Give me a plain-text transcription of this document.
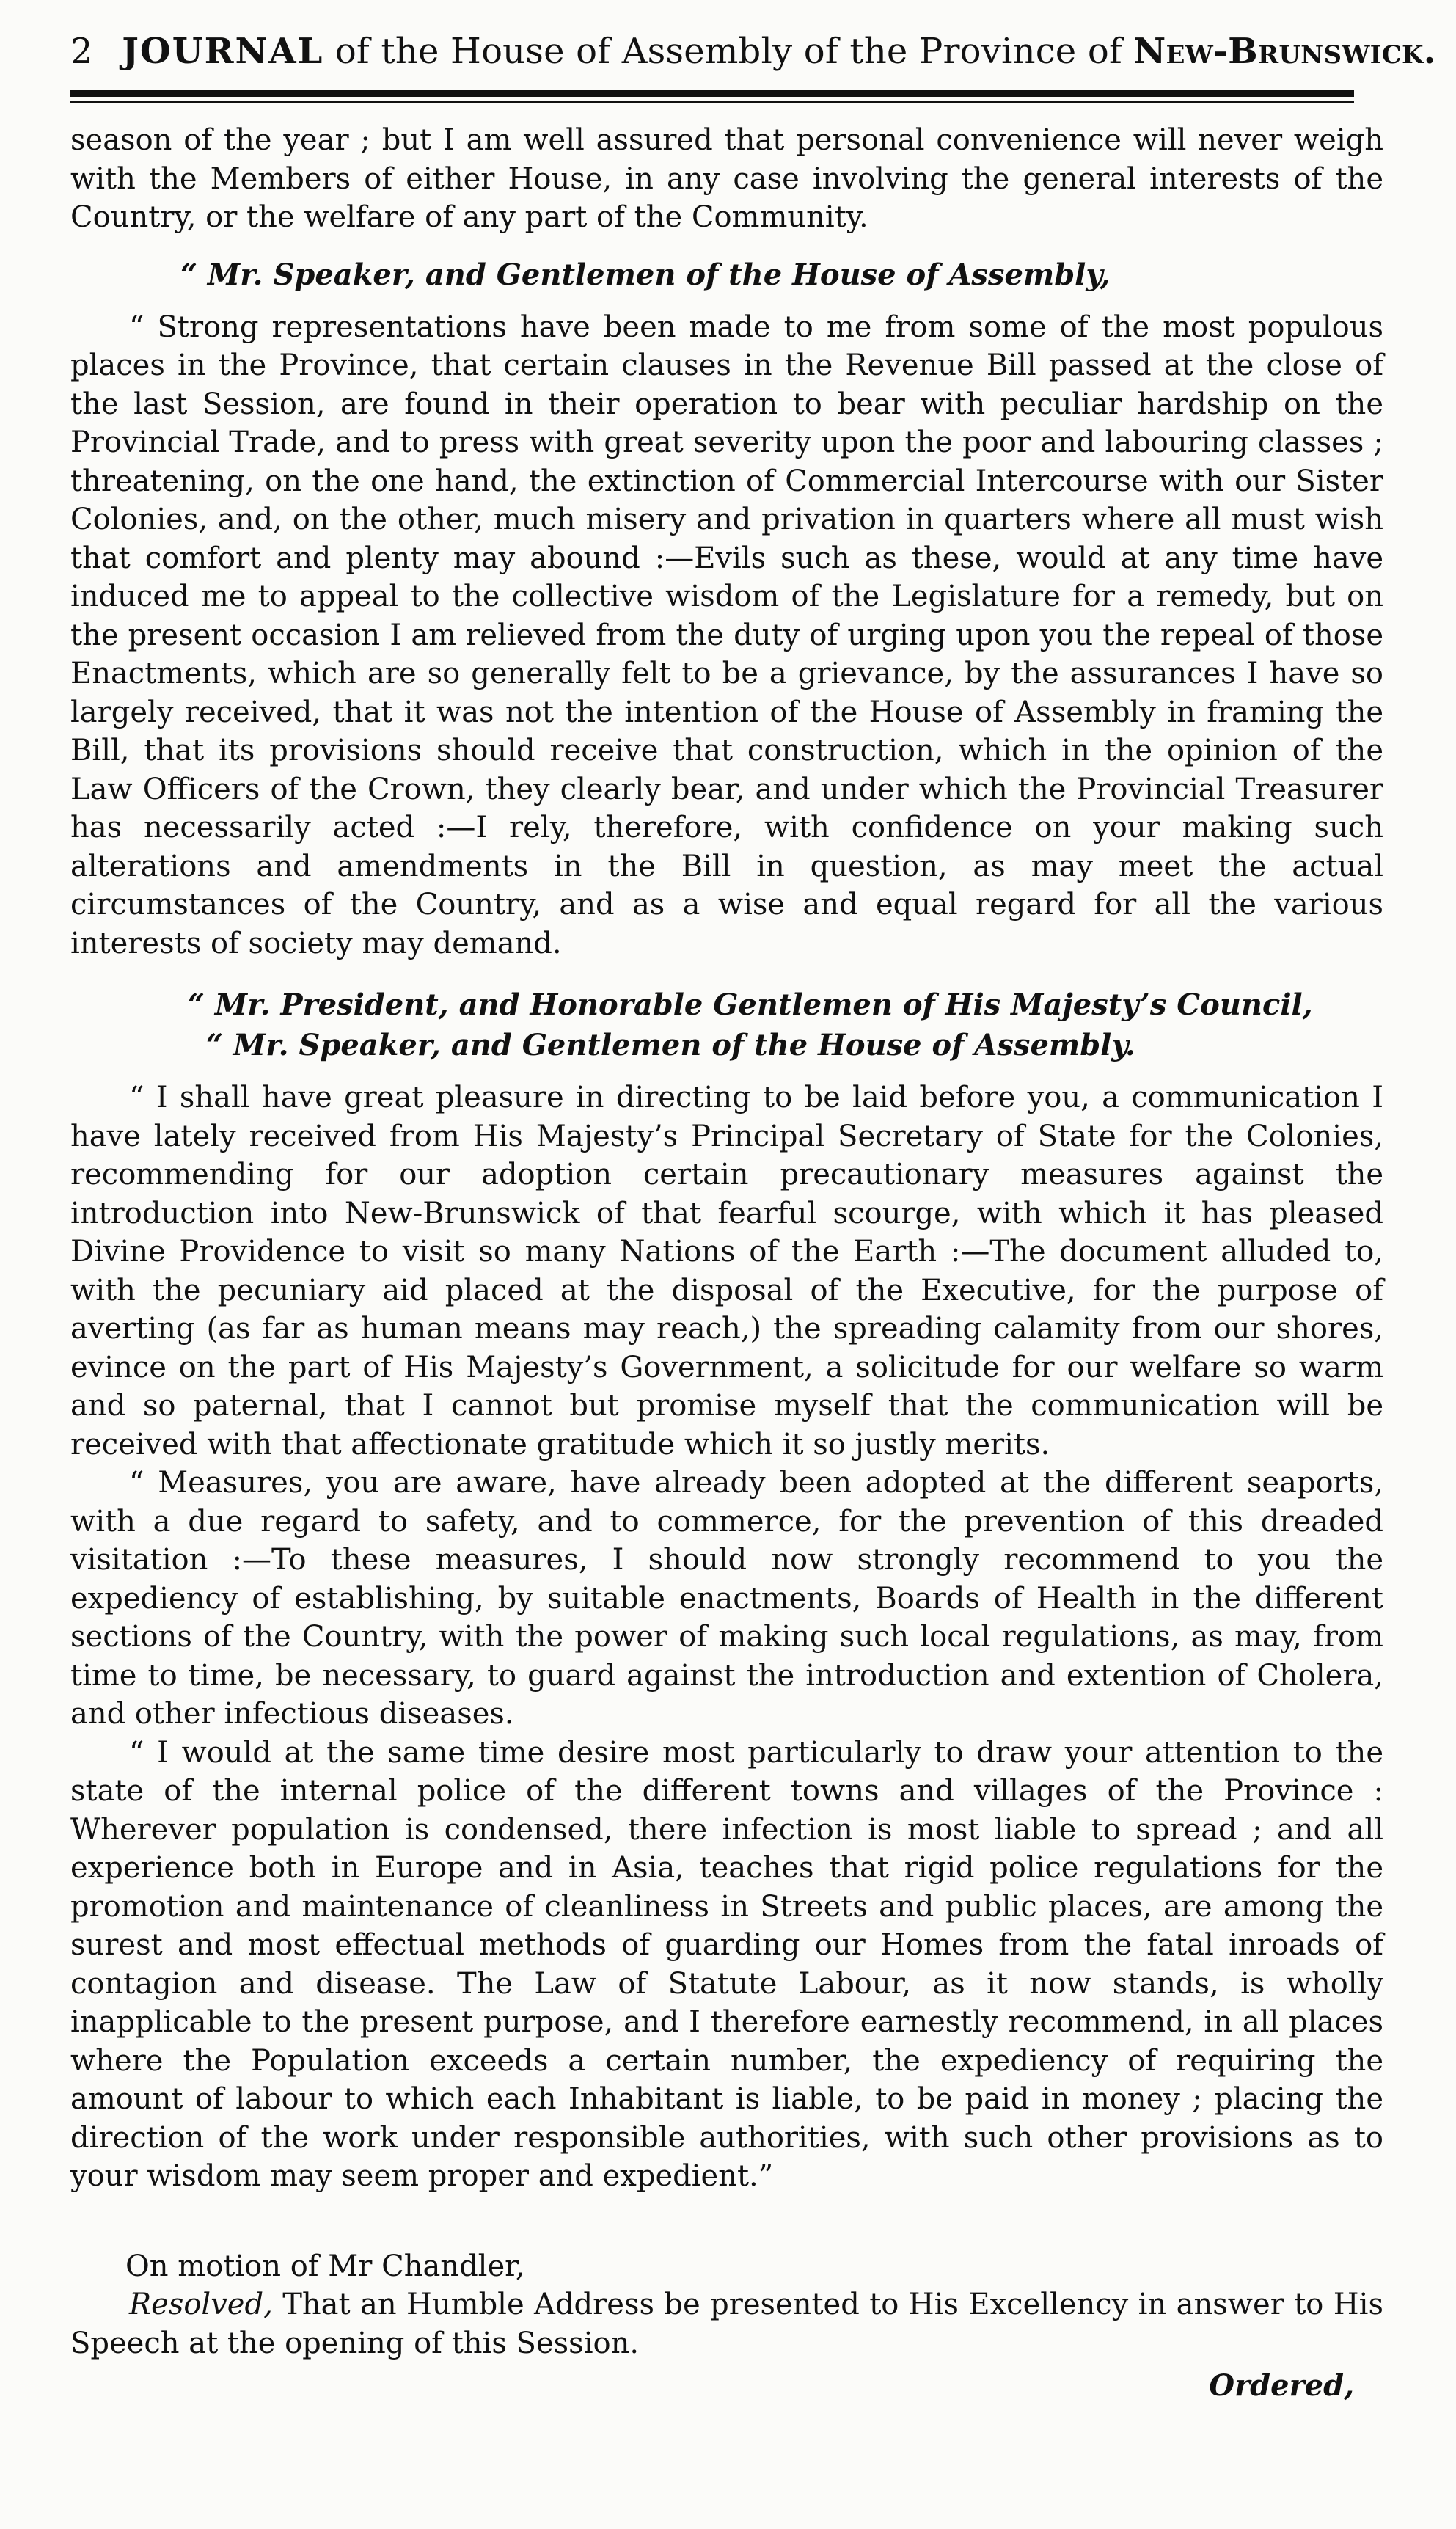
2 JOURNAL of the House of Assembly of the Province of New-Brunswick.

season of the year ; but I am well assured that personal convenience will never weigh with the Members of either House, in any case involving the general interests of the Country, or the welfare of any part of the Community.

“ Mr. Speaker, and Gentlemen of the House of Assembly,

“ Strong representations have been made to me from some of the most populous places in the Province, that certain clauses in the Revenue Bill passed at the close of the last Session, are found in their operation to bear with peculiar hardship on the Provincial Trade, and to press with great severity upon the poor and labouring classes ; threatening, on the one hand, the extinction of Commercial Intercourse with our Sister Colonies, and, on the other, much misery and privation in quarters where all must wish that comfort and plenty may abound :—Evils such as these, would at any time have induced me to appeal to the collective wisdom of the Legislature for a remedy, but on the present occasion I am relieved from the duty of urging upon you the repeal of those Enactments, which are so generally felt to be a grievance, by the assurances I have so largely received, that it was not the intention of the House of Assembly in framing the Bill, that its provisions should receive that construction, which in the opinion of the Law Officers of the Crown, they clearly bear, and under which the Provincial Treasurer has necessarily acted :—I rely, therefore, with confidence on your making such alterations and amendments in the Bill in question, as may meet the actual circumstances of the Country, and as a wise and equal regard for all the various interests of society may demand.

“ Mr. President, and Honorable Gentlemen of His Majesty’s Council,
“ Mr. Speaker, and Gentlemen of the House of Assembly.

“ I shall have great pleasure in directing to be laid before you, a communication I have lately received from His Majesty’s Principal Secretary of State for the Colonies, recommending for our adoption certain precautionary measures against the introduction into New-Brunswick of that fearful scourge, with which it has pleased Divine Providence to visit so many Nations of the Earth :—The document alluded to, with the pecuniary aid placed at the disposal of the Executive, for the purpose of averting (as far as human means may reach,) the spreading calamity from our shores, evince on the part of His Majesty’s Government, a solicitude for our welfare so warm and so paternal, that I cannot but promise myself that the communication will be received with that affectionate gratitude which it so justly merits.

“ Measures, you are aware, have already been adopted at the different seaports, with a due regard to safety, and to commerce, for the prevention of this dreaded visitation :—To these measures, I should now strongly recommend to you the expediency of establishing, by suitable enactments, Boards of Health in the different sections of the Country, with the power of making such local regulations, as may, from time to time, be necessary, to guard against the introduction and extention of Cholera, and other infectious diseases.

“ I would at the same time desire most particularly to draw your attention to the state of the internal police of the different towns and villages of the Province : Wherever population is condensed, there infection is most liable to spread ; and all experience both in Europe and in Asia, teaches that rigid police regulations for the promotion and maintenance of cleanliness in Streets and public places, are among the surest and most effectual methods of guarding our Homes from the fatal inroads of contagion and disease. The Law of Statute Labour, as it now stands, is wholly inapplicable to the present purpose, and I therefore earnestly recommend, in all places where the Population exceeds a certain number, the expediency of requiring the amount of labour to which each Inhabitant is liable, to be paid in money ; placing the direction of the work under responsible authorities, with such other provisions as to your wisdom may seem proper and expedient.”

On motion of Mr Chandler,

Resolved, That an Humble Address be presented to His Excellency in answer to His Speech at the opening of this Session.

Ordered,
